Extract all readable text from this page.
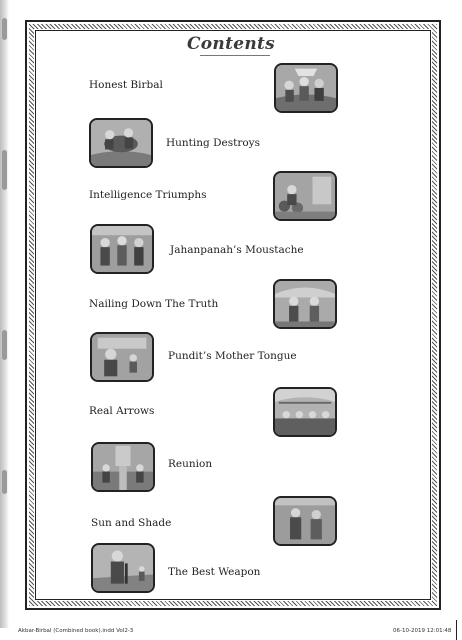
Contents
Honest Birbal
Hunting Destroys
Intelligence Triumphs
Jahanpanah’s Moustache
Nailing Down The Truth
Pundit’s Mother Tongue
Real Arrows
Reunion
Sun and Shade
The Best Weapon
Akbar-Birbal (Combined book).indd Vol2-3	06-10-2019 12:01:48
